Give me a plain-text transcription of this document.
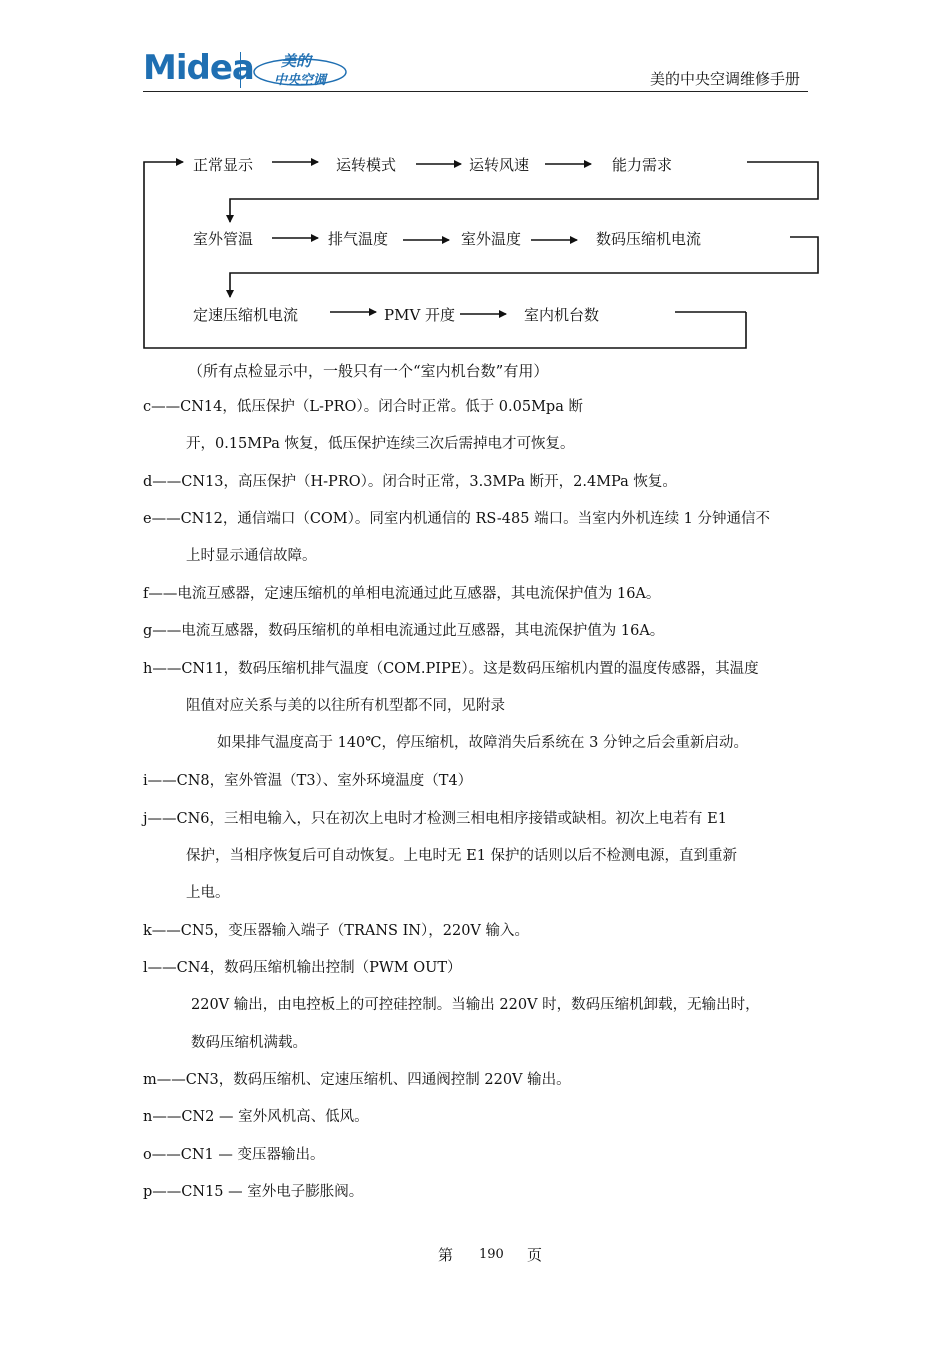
Midea 美的
中央空调	美的中央空调维修手册
正常显示	运转模式	运转风速	能力需求
室外管温	排气温度	室外温度	数码压缩机电流
定速压缩机电流	PMV 开度	室内机台数
（所有点检显示中，一般只有一个“室内机台数”有用）
c——CN14，低压保护（L-PRO）。闭合时正常。低于 0.05Mpa 断
开，0.15MPa 恢复，低压保护连续三次后需掉电才可恢复。
d——CN13，高压保护（H-PRO）。闭合时正常，3.3MPa 断开，2.4MPa 恢复。
e——CN12，通信端口（COM）。同室内机通信的 RS-485 端口。当室内外机连续 1 分钟通信不
上时显示通信故障。
f——电流互感器，定速压缩机的单相电流通过此互感器，其电流保护值为 16A。
g——电流互感器，数码压缩机的单相电流通过此互感器，其电流保护值为 16A。
h——CN11，数码压缩机排气温度（COM.PIPE）。这是数码压缩机内置的温度传感器，其温度
阻值对应关系与美的以往所有机型都不同，见附录
如果排气温度高于 140℃，停压缩机，故障消失后系统在 3 分钟之后会重新启动。
i——CN8，室外管温（T3）、室外环境温度（T4）
j——CN6，三相电输入，只在初次上电时才检测三相电相序接错或缺相。初次上电若有 E1
保护，当相序恢复后可自动恢复。上电时无 E1 保护的话则以后不检测电源，直到重新
上电。
k——CN5，变压器输入端子（TRANS IN），220V 输入。
l——CN4，数码压缩机输出控制（PWM OUT）
220V 输出，由电控板上的可控硅控制。当输出 220V 时，数码压缩机卸载，无输出时，
数码压缩机满载。
m——CN3，数码压缩机、定速压缩机、四通阀控制 220V 输出。
n——CN2 — 室外风机高、低风。
o——CN1 — 变压器输出。
p——CN15 — 室外电子膨胀阀。
第 190 页
